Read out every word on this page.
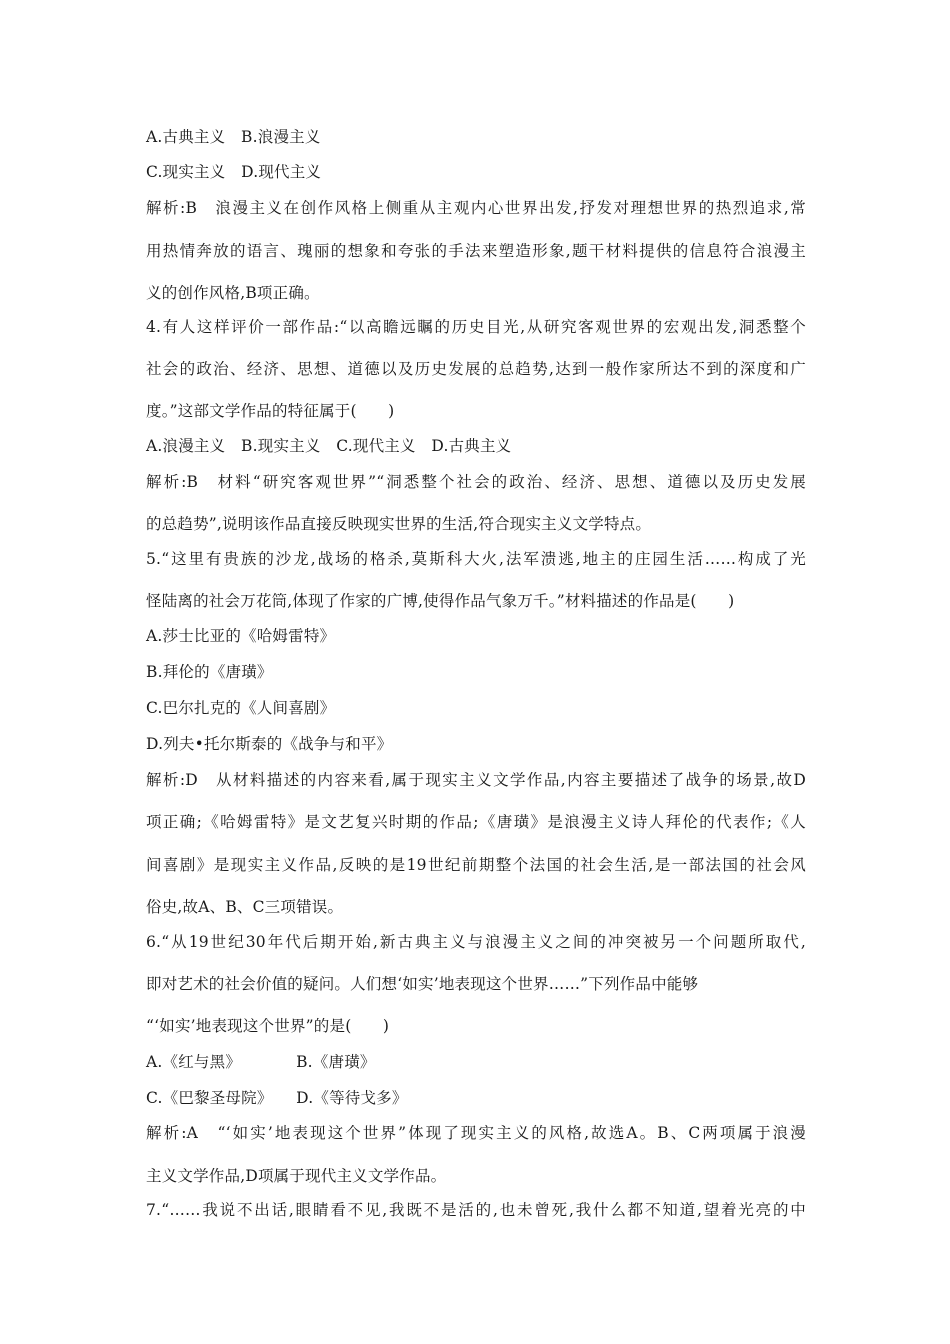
A.古典主义　B.浪漫主义
C.现实主义　D.现代主义
解析:B　浪漫主义在创作风格上侧重从主观内心世界出发,抒发对理想世界的热烈追求,常
用热情奔放的语言、瑰丽的想象和夸张的手法来塑造形象,题干材料提供的信息符合浪漫主
义的创作风格,B项正确。
4.有人这样评价一部作品:“以高瞻远瞩的历史目光,从研究客观世界的宏观出发,洞悉整个
社会的政治、经济、思想、道德以及历史发展的总趋势,达到一般作家所达不到的深度和广
度。”这部文学作品的特征属于(　　)
A.浪漫主义　B.现实主义　C.现代主义　D.古典主义
解析:B　材料“研究客观世界”“洞悉整个社会的政治、经济、思想、道德以及历史发展
的总趋势”,说明该作品直接反映现实世界的生活,符合现实主义文学特点。
5.“这里有贵族的沙龙,战场的格杀,莫斯科大火,法军溃逃,地主的庄园生活……构成了光
怪陆离的社会万花筒,体现了作家的广博,使得作品气象万千。”材料描述的作品是(　　)
A.莎士比亚的《哈姆雷特》
B.拜伦的《唐璜》
C.巴尔扎克的《人间喜剧》
D.列夫•托尔斯泰的《战争与和平》
解析:D　从材料描述的内容来看,属于现实主义文学作品,内容主要描述了战争的场景,故D
项正确;《哈姆雷特》是文艺复兴时期的作品;《唐璜》是浪漫主义诗人拜伦的代表作;《人
间喜剧》是现实主义作品,反映的是19世纪前期整个法国的社会生活,是一部法国的社会风
俗史,故A、B、C三项错误。
6.“从19世纪30年代后期开始,新古典主义与浪漫主义之间的冲突被另一个问题所取代,
即对艺术的社会价值的疑问。人们想‘如实’地表现这个世界……”下列作品中能够
“‘如实’地表现这个世界”的是(　　)
A.《红与黑》　　　　B.《唐璜》
C.《巴黎圣母院》　　D.《等待戈多》
解析:A　“‘如实’地表现这个世界”体现了现实主义的风格,故选A。B、C两项属于浪漫
主义文学作品,D项属于现代主义文学作品。
7.“……我说不出话,眼睛看不见,我既不是活的,也未曾死,我什么都不知道,望着光亮的中
